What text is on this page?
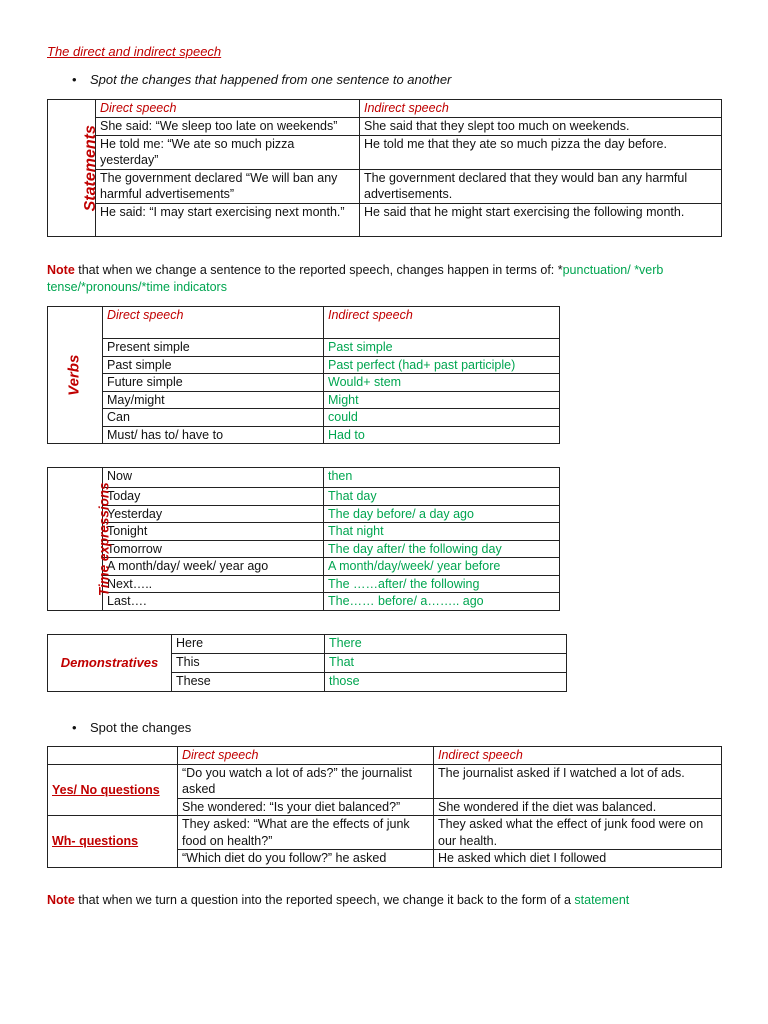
The direct and indirect speech
• Spot the changes that happened from one sentence to another
Statements	Direct speech	Indirect speech
	She said: “We sleep too late on weekends”	She said that they slept too much on weekends.
	He told me: “We ate so much pizza yesterday”	He told me that they ate so much pizza the day before.
	The government declared “We will ban any harmful advertisements”	The government declared that they would ban any harmful advertisements.
	He said: “I may start exercising next month.”	He said that he might start exercising the following month.
Note that when we change a sentence to the reported speech, changes happen in terms of: *punctuation/ *verb
tense/*pronouns/*time indicators
Verbs	Direct speech	Indirect speech
	Present simple	Past simple
	Past simple	Past perfect (had+ past participle)
	Future simple	Would+ stem
	May/might	Might
	Can	could
	Must/ has to/ have to	Had to
Time expressions	Now	then
	Today	That day
	Yesterday	The day before/ a day ago
	Tonight	That night
	Tomorrow	The day after/ the following day
	A month/day/ week/ year ago	A month/day/week/ year before
	Next…..	The ……after/ the following
	Last….	The…… before/ a…….. ago
Demonstratives	Here	There
	This	That
	These	those
• Spot the changes
	Direct speech	Indirect speech
Yes/ No questions	“Do you watch a lot of ads?” the journalist asked	The journalist asked if I watched a lot of ads.
	She wondered: “Is your diet balanced?”	She wondered if the diet was balanced.
Wh- questions	They asked: “What are the effects of junk food on health?”	They asked what the effect of junk food were on our health.
	“Which diet do you follow?” he asked	He asked which diet I followed
Note that when we turn a question into the reported speech, we change it back to the form of a statement
